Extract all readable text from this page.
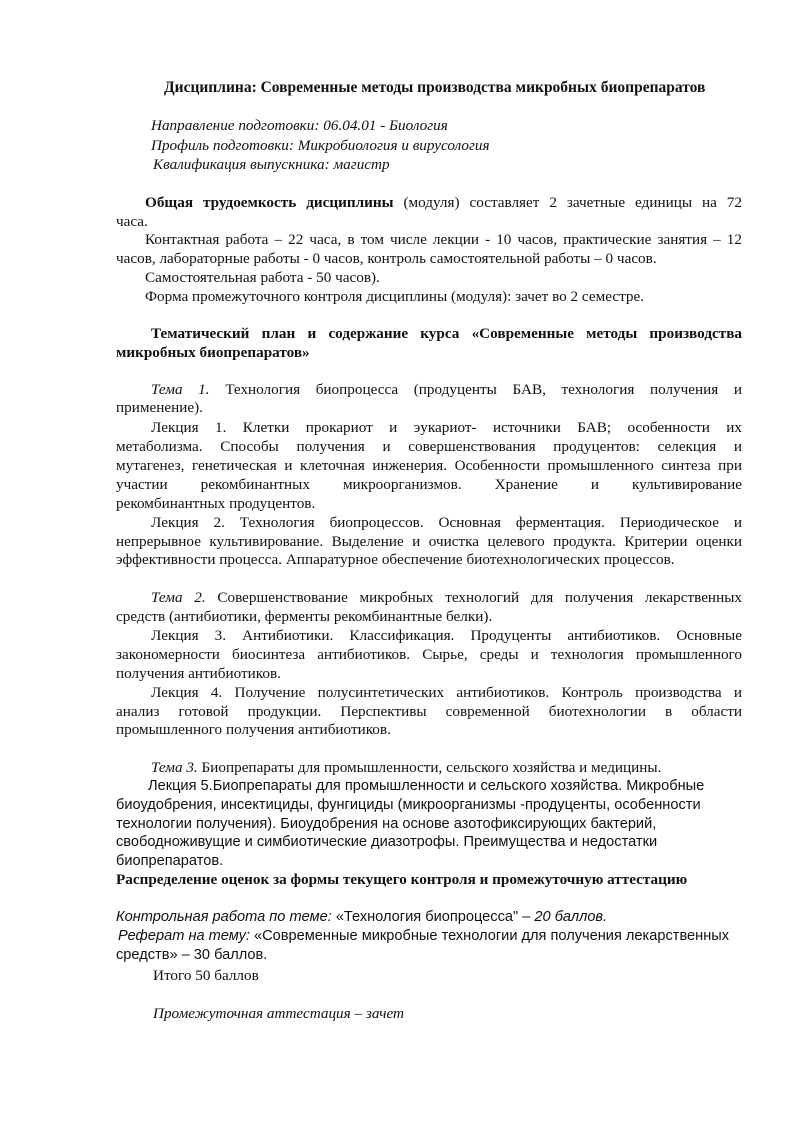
Дисциплина: Современные методы производства микробных биопрепаратов
Направление подготовки: 06.04.01 - Биология
Профиль подготовки: Микробиология и вирусология
Квалификация выпускника: магистр
Общая трудоемкость дисциплины (модуля) составляет 2 зачетные единицы на 72
часа.
Контактная работа – 22 часа, в том числе лекции - 10 часов, практические занятия – 12
часов, лабораторные работы - 0 часов, контроль самостоятельной работы – 0 часов.
Самостоятельная работа - 50 часов).
Форма промежуточного контроля дисциплины (модуля): зачет во 2 семестре.
Тематический план и содержание курса «Современные методы производства
микробных биопрепаратов»
Тема 1. Технология биопроцесса (продуценты БАВ, технология получения и
применение).
Лекция 1. Клетки прокариот и эукариот- источники БАВ; особенности их
метаболизма. Способы получения и совершенствования продуцентов: селекция и
мутагенез, генетическая и клеточная инженерия. Особенности промышленного синтеза при
участии рекомбинантных микроорганизмов. Хранение и культивирование
рекомбинантных продуцентов.
Лекция 2. Технология биопроцессов. Основная ферментация. Периодическое и
непрерывное культивирование. Выделение и очистка целевого продукта. Критерии оценки
эффективности процесса. Аппаратурное обеспечение биотехнологических процессов.
Тема 2. Совершенствование микробных технологий для получения лекарственных
средств (антибиотики, ферменты рекомбинантные белки).
Лекция 3. Антибиотики. Классификация. Продуценты антибиотиков. Основные
закономерности биосинтеза антибиотиков. Сырье, среды и технология промышленного
получения антибиотиков.
Лекция 4. Получение полусинтетических антибиотиков. Контроль производства и
анализ готовой продукции. Перспективы современной биотехнологии в области
промышленного получения антибиотиков.
Тема 3. Биопрепараты для промышленности, сельского хозяйства и медицины.
Лекция 5.Биопрепараты для промышленности и сельского хозяйства. Микробные
биоудобрения, инсектициды, фунгициды (микроорганизмы -продуценты, особенности
технологии получения). Биоудобрения на основе азотофиксирующих бактерий,
свободноживущие и симбиотические диазотрофы. Преимущества и недостатки
биопрепаратов.
Распределение оценок за формы текущего контроля и промежуточную аттестацию
Контрольная работа по теме: «Технология биопроцесса" – 20 баллов.
Реферат на тему: «Современные микробные технологии для получения лекарственных
средств» – 30 баллов.
Итого 50 баллов
Промежуточная аттестация – зачет
